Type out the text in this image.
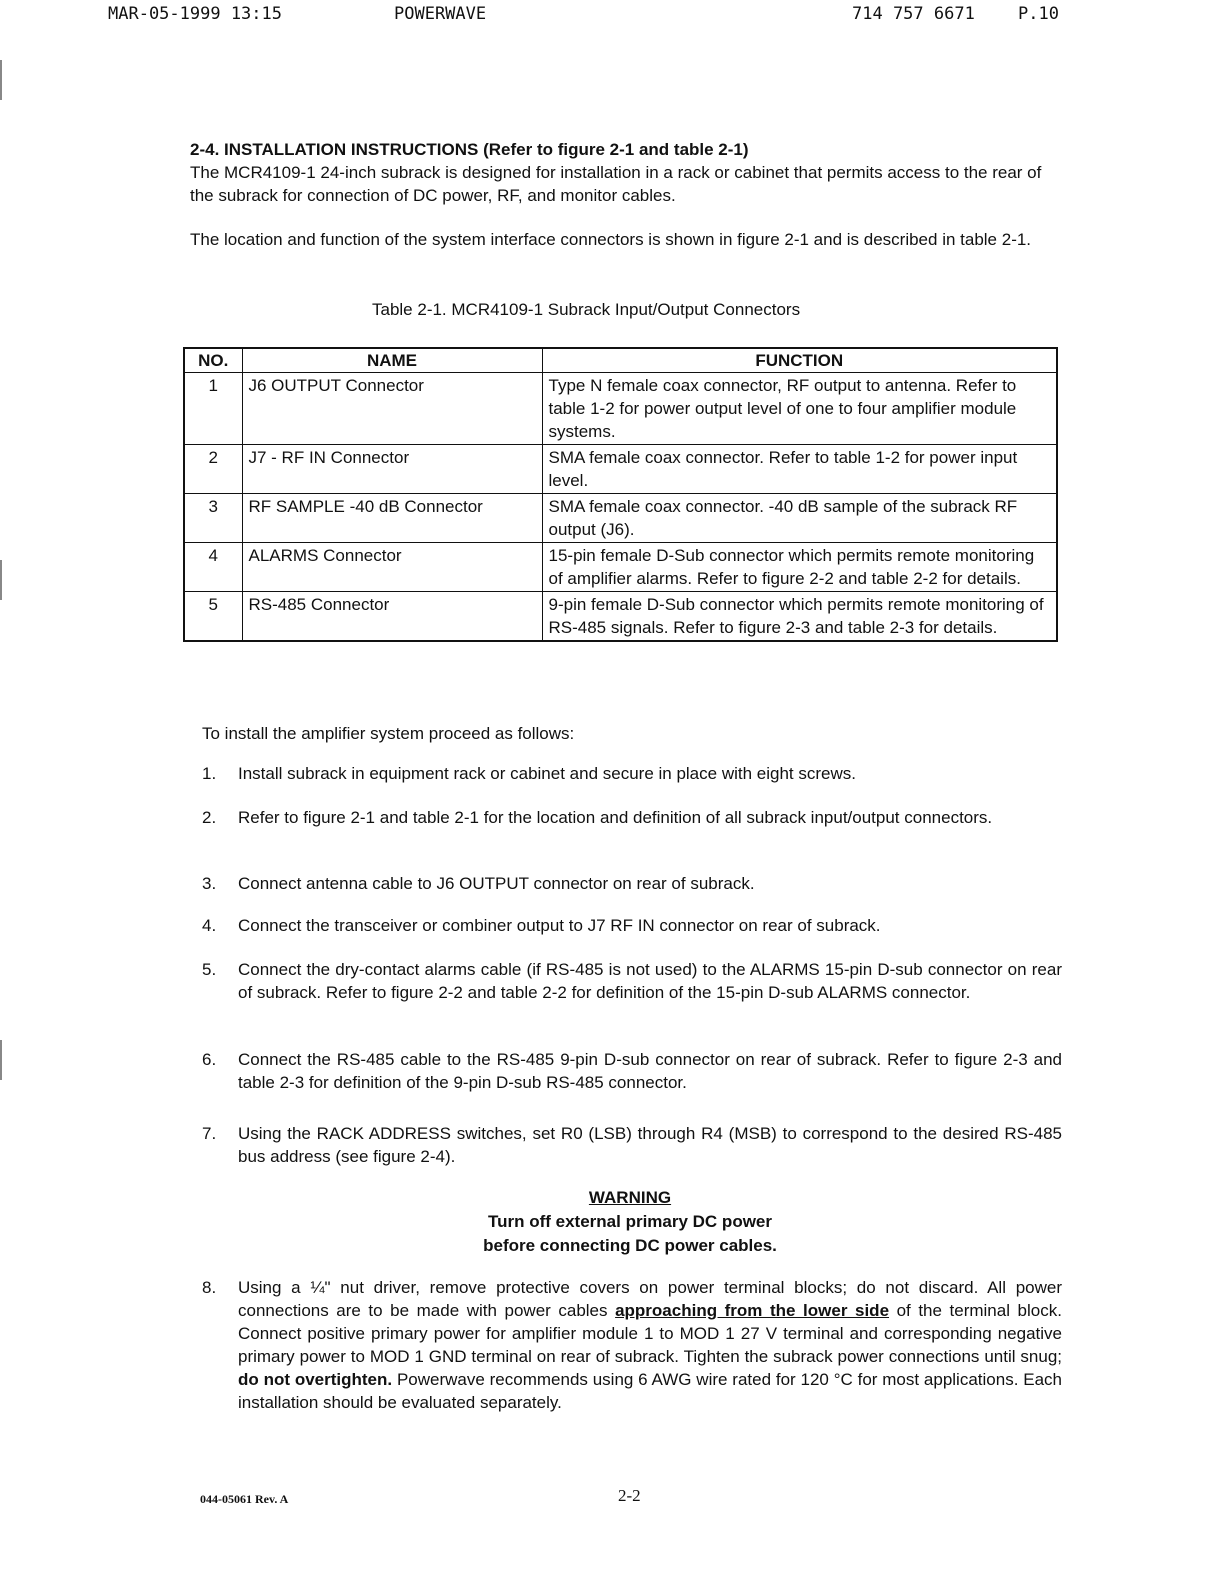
MAR-05-1999 13:15	POWERWAVE	714 757 6671	P.10
2-4. INSTALLATION INSTRUCTIONS (Refer to figure 2-1 and table 2-1)

The MCR4109-1 24-inch subrack is designed for installation in a rack or cabinet that permits access to the rear of the subrack for connection of DC power, RF, and monitor cables.

The location and function of the system interface connectors is shown in figure 2-1 and is described in table 2-1.

Table 2-1. MCR4109-1 Subrack Input/Output Connectors
NO.	NAME	FUNCTION
1	J6 OUTPUT Connector	Type N female coax connector, RF output to antenna. Refer to table 1-2 for power output level of one to four amplifier module systems.
2	J7 - RF IN Connector	SMA female coax connector. Refer to table 1-2 for power input level.
3	RF SAMPLE -40 dB Connector	SMA female coax connector. -40 dB sample of the subrack RF output (J6).
4	ALARMS Connector	15-pin female D-Sub connector which permits remote monitoring of amplifier alarms. Refer to figure 2-2 and table 2-2 for details.
5	RS-485 Connector	9-pin female D-Sub connector which permits remote monitoring of RS-485 signals. Refer to figure 2-3 and table 2-3 for details.
To install the amplifier system proceed as follows:
1.	Install subrack in equipment rack or cabinet and secure in place with eight screws.
2.	Refer to figure 2-1 and table 2-1 for the location and definition of all subrack input/output connectors.
3.	Connect antenna cable to J6 OUTPUT connector on rear of subrack.
4.	Connect the transceiver or combiner output to J7 RF IN connector on rear of subrack.
5.	Connect the dry-contact alarms cable (if RS-485 is not used) to the ALARMS 15-pin D-sub connector on rear of subrack. Refer to figure 2-2 and table 2-2 for definition of the 15-pin D-sub ALARMS connector.
6.	Connect the RS-485 cable to the RS-485 9-pin D-sub connector on rear of subrack. Refer to figure 2-3 and table 2-3 for definition of the 9-pin D-sub RS-485 connector.
7.	Using the RACK ADDRESS switches, set R0 (LSB) through R4 (MSB) to correspond to the desired RS-485 bus address (see figure 2-4).
WARNING
Turn off external primary DC power
before connecting DC power cables.
8.	Using a ¼" nut driver, remove protective covers on power terminal blocks; do not discard. All power connections are to be made with power cables approaching from the lower side of the terminal block. Connect positive primary power for amplifier module 1 to MOD 1 27 V terminal and corresponding negative primary power to MOD 1 GND terminal on rear of subrack. Tighten the subrack power connections until snug; do not overtighten. Powerwave recommends using 6 AWG wire rated for 120 °C for most applications. Each installation should be evaluated separately.
044-05061 Rev. A	2-2
